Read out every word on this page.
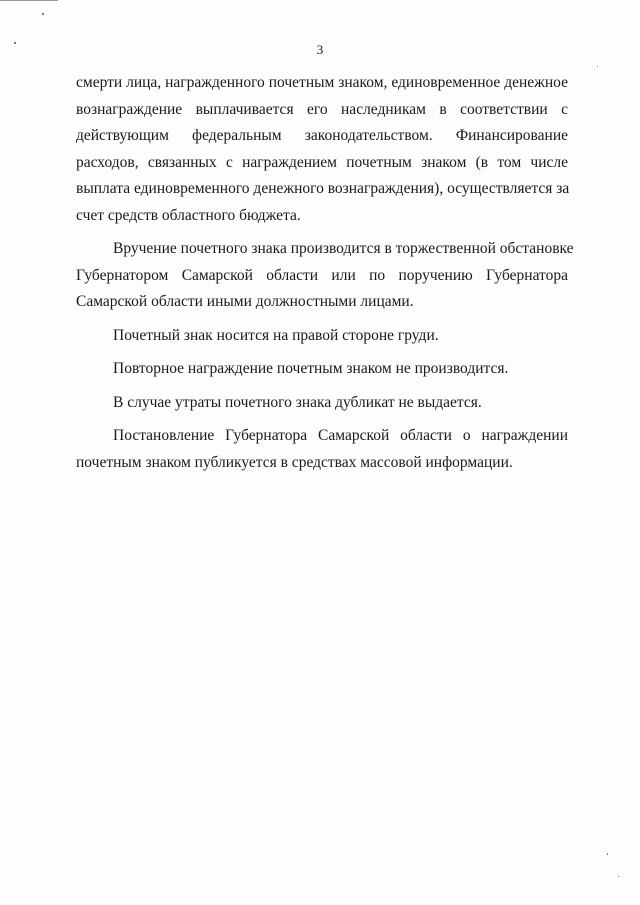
3

смерти лица, награжденного почетным знаком, единовременное денежное
вознаграждение выплачивается его наследникам в соответствии с
действующим федеральным законодательством. Финансирование
расходов, связанных с награждением почетным знаком (в том числе
выплата единовременного денежного вознаграждения), осуществляется за
счет средств областного бюджета.

Вручение почетного знака производится в торжественной обстановке
Губернатором Самарской области или по поручению Губернатора
Самарской области иными должностными лицами.

Почетный знак носится на правой стороне груди.

Повторное награждение почетным знаком не производится.

В случае утраты почетного знака дубликат не выдается.

Постановление Губернатора Самарской области о награждении
почетным знаком публикуется в средствах массовой информации.
